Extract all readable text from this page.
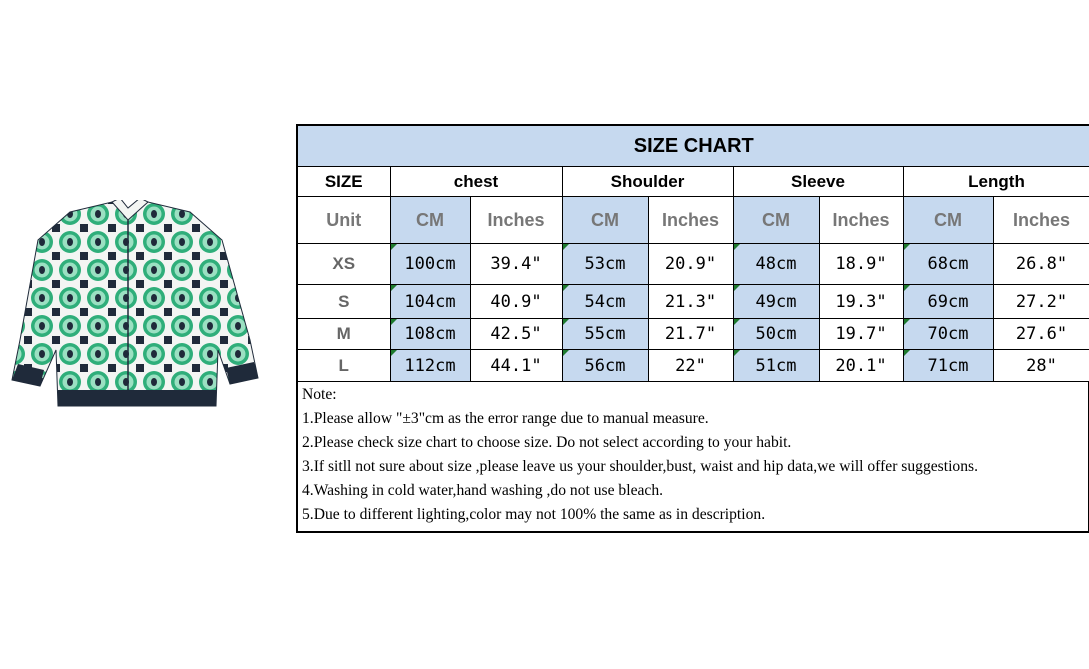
SIZE CHART								
SIZE	chest		Shoulder		Sleeve		Length	
Unit	CM	Inches	CM	Inches	CM	Inches	CM	Inches
XS	100cm	39.4"	53cm	20.9"	48cm	18.9"	68cm	26.8"
S	104cm	40.9"	54cm	21.3"	49cm	19.3"	69cm	27.2"
M	108cm	42.5"	55cm	21.7"	50cm	19.7"	70cm	27.6"
L	112cm	44.1"	56cm	22"	51cm	20.1"	71cm	28"
Note:
1.Please allow "±3"cm as the error range due to manual measure.
2.Please check size chart to choose size. Do not select according to your habit.
3.If sitll not sure about size ,please leave us your shoulder,bust, waist and hip data,we will offer suggestions.
4.Washing in cold water,hand washing ,do not use bleach.
5.Due to different lighting,color may not 100% the same as in description.
